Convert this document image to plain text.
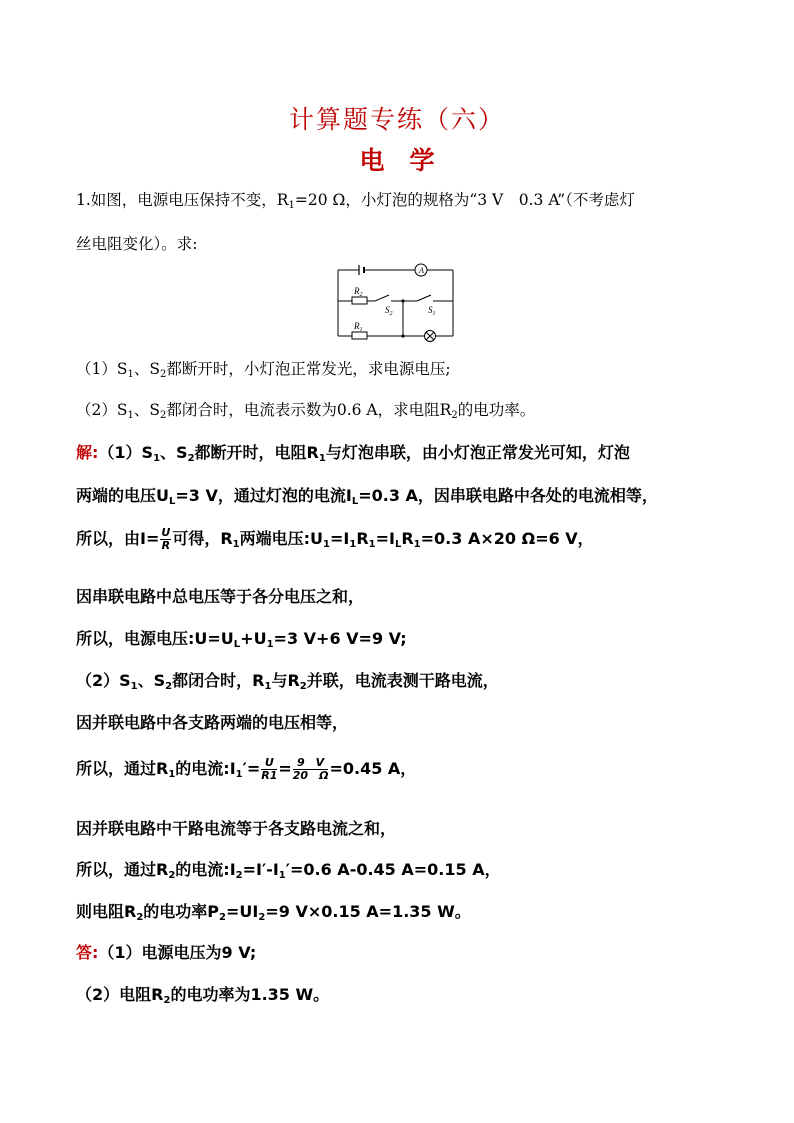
计算题专练（六）
电　学
1.如图，电源电压保持不变，$R_1=20$ Ω，小灯泡的规格为“3 V　0.3 A”（不考虑灯
丝电阻变化）。求:
A
$R_2$
$S_2$	$S_1$
$R_1$
$(1)S_1$、$S_2$都断开时，小灯泡正常发光，求电源电压;
$(2)S_1$、$S_2$都闭合时，电流表示数为0.6 A，求电阻$R_2$的电功率。
解$:(1)S_1$、$S_2$都断开时，电阻$R_1$与灯泡串联，由小灯泡正常发光可知，灯泡
两端的电压$U_L=3$ V，通过灯泡的电流$I_L=0.3$ A，因串联电路中各处的电流相等，
所以，由$I= \frac{U}{R}$ 可得，$R_1$两端电压$:U_1=I_1R_1=I_LR_1=0.3$ A×20 Ω=6 V，
因串联电路中总电压等于各分电压之和，
所以，电源电压$:U=U_L+U_1=3$ V+6 V=9 V;
$(2)S_1$、$S_2$都闭合时，$R_1$与$R_2$并联，电流表测干路电流，
因并联电路中各支路两端的电压相等，
所以，通过$R_1$的电流$:I_1'= \frac{U}{R1} = \frac{9 V}{20 \Omega} =0.45$ A，
因并联电路中干路电流等于各支路电流之和，
所以，通过$R_2$的电流$:I_2=I'-I_1'=0.6$ A-0.45 A=0.15 A，
则电阻$R_2$的电功率$P_2=UI_2=9$ V×0.15 A=1.35 W。
答:（1）电源电压为9 V;
（2）电阻$R_2$的电功率为1.35 W。
